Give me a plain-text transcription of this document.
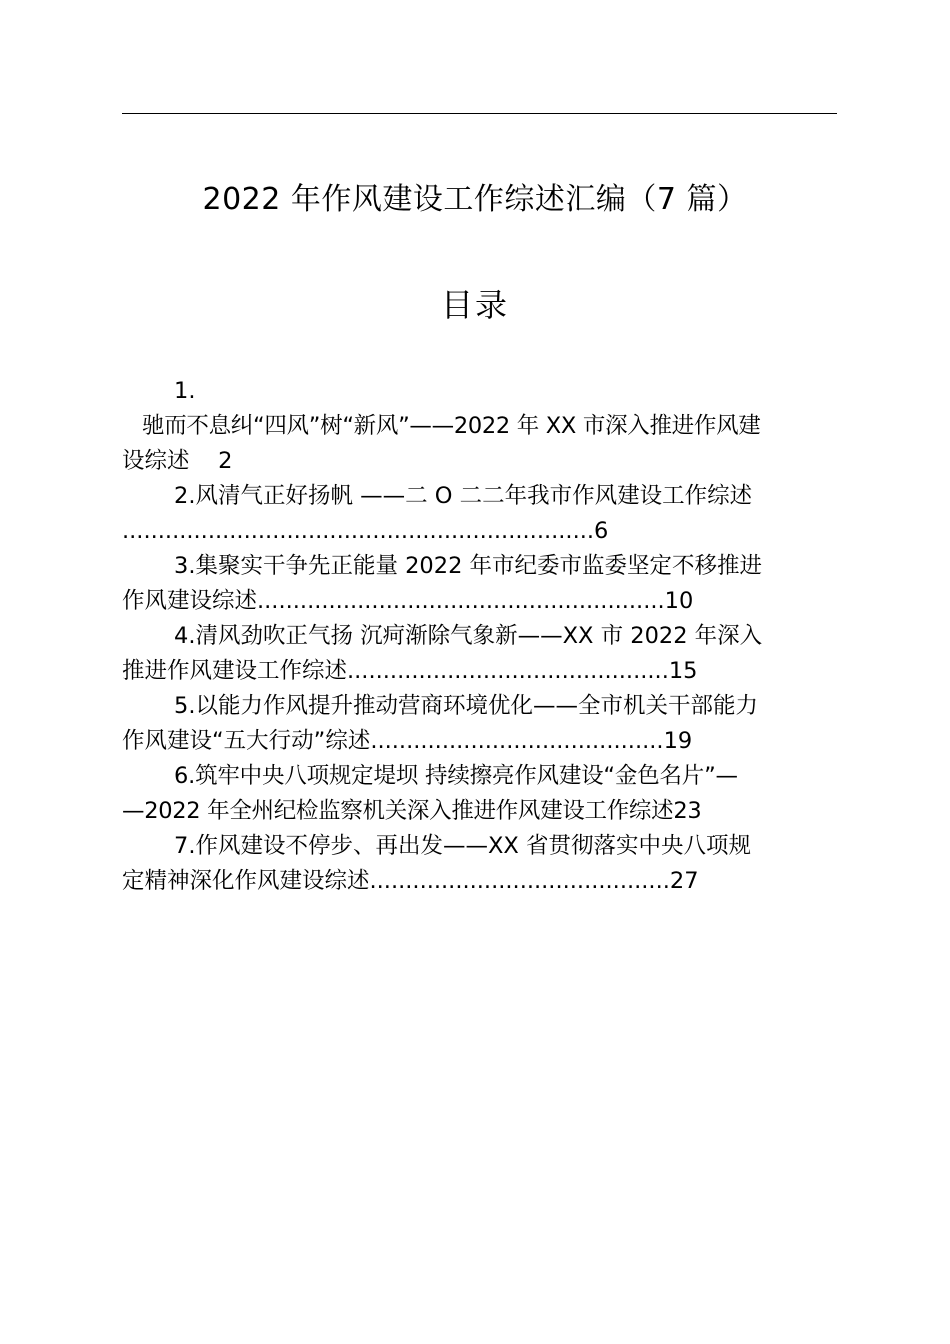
2022 年作风建设工作综述汇编（7 篇）
目录
1.
驰而不息纠“四风”树“新风”——2022 年 XX 市深入推进作风建
设综述 2
2.风清气正好扬帆 ——二 O 二二年我市作风建设工作综述
..................................................................6
3.集聚实干争先正能量 2022 年市纪委市监委坚定不移推进
作风建设综述.........................................................10
4.清风劲吹正气扬 沉疴渐除气象新——XX 市 2022 年深入
推进作风建设工作综述.............................................15
5.以能力作风提升推动营商环境优化——全市机关干部能力
作风建设“五大行动”综述.........................................19
6.筑牢中央八项规定堤坝 持续擦亮作风建设“金色名片”—
—2022 年全州纪检监察机关深入推进作风建设工作综述23
7.作风建设不停步、再出发——XX 省贯彻落实中央八项规
定精神深化作风建设综述..........................................27
